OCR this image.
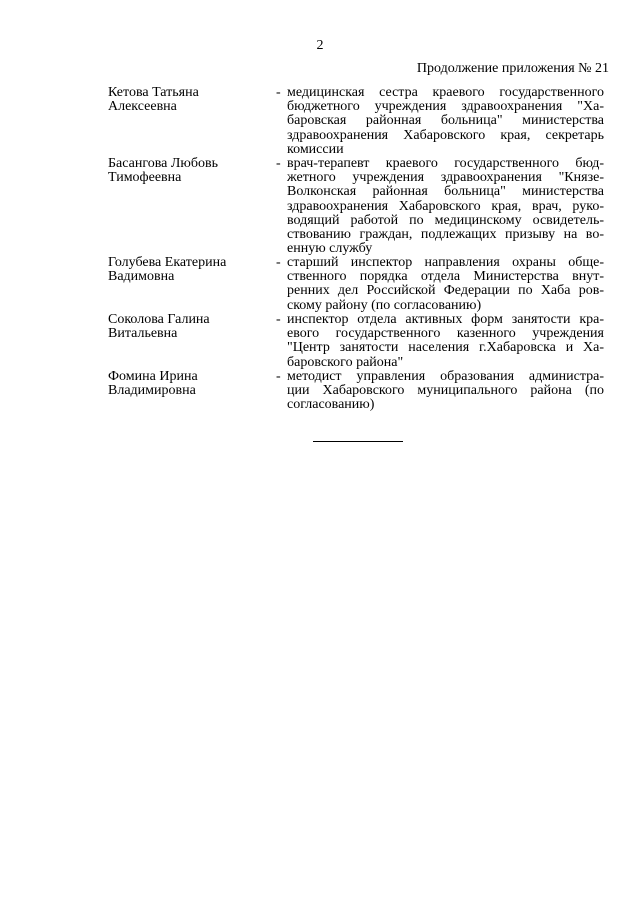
2
Продолжение приложения № 21
Кетова Татьяна
Алексеевна
- медицинская сестра краевого государственного
бюджетного учреждения здравоохранения "Ха-
баровская районная больница" министерства
здравоохранения Хабаровского края, секретарь
комиссии
Басангова Любовь
Тимофеевна
- врач-терапевт краевого государственного бюд-
жетного учреждения здравоохранения "Князе-
Волконская районная больница" министерства
здравоохранения Хабаровского края, врач, руко-
водящий работой по медицинскому освидетель-
ствованию граждан, подлежащих призыву на во-
енную службу
Голубева Екатерина
Вадимовна
- старший инспектор направления охраны обще-
ственного порядка отдела Министерства внут-
ренних дел Российской Федерации по Хаба ров-
скому району (по согласованию)
Соколова Галина
Витальевна
- инспектор отдела активных форм занятости кра-
евого государственного казенного учреждения
"Центр занятости населения г.Хабаровска и Ха-
баровского района"
Фомина Ирина
Владимировна
- методист управления образования администра-
ции Хабаровского муниципального района (по
согласованию)
